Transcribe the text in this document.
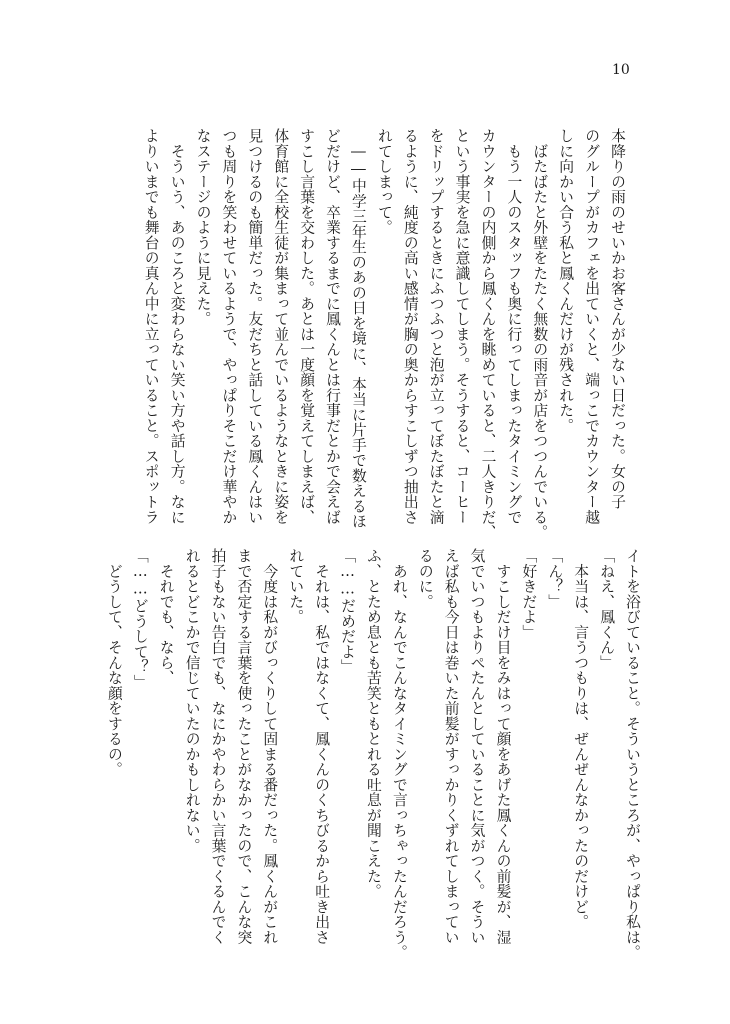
10
本降りの雨のせいかお客さんが少ない日だった。女の子
のグループがカフェを出ていくと、端っこでカウンター越
しに向かい合う私と鳳くんだけが残された。
　ばたばたと外壁をたたく無数の雨音が店をつつんでいる。
　もう一人のスタッフも奥に行ってしまったタイミングで
カウンターの内側から鳳くんを眺めていると、二人きりだ、
という事実を急に意識してしまう。そうすると、コーヒー
をドリップするときにふつふつと泡が立ってぼたぼたと滴
るように、純度の高い感情が胸の奥からすこしずつ抽出さ
れてしまって。
　――中学三年生のあの日を境に、本当に片手で数えるほ
どだけど、卒業するまでに鳳くんとは行事だとかで会えば
すこし言葉を交わした。あとは一度顔を覚えてしまえば、
体育館に全校生徒が集まって並んでいるようなときに姿を
見つけるのも簡単だった。友だちと話している鳳くんはい
つも周りを笑わせているようで、やっぱりそこだけ華やか
なステージのように見えた。
　そういう、あのころと変わらない笑い方や話し方。なに
よりいまでも舞台の真ん中に立っていること。スポットラ
イトを浴びていること。そういうところが、やっぱり私は。
「ねえ、鳳くん」
　本当は、言うつもりは、ぜんぜんなかったのだけど。
「ん？」
「好きだよ」
　すこしだけ目をみはって顔をあげた鳳くんの前髪が、湿
気でいつもよりぺたんとしていることに気がつく。そうい
えば私も今日は巻いた前髪がすっかりくずれてしまってい
るのに。
　あれ、なんでこんなタイミングで言っちゃったんだろう。
ふ、とため息とも苦笑ともとれる吐息が聞こえた。
「……だめだよ」
　それは、私ではなくて、鳳くんのくちびるから吐き出さ
れていた。
　今度は私がびっくりして固まる番だった。鳳くんがこれ
まで否定する言葉を使ったことがなかったので、こんな突
拍子もない告白でも、なにかやわらかい言葉でくるんでく
れるとどこかで信じていたのかもしれない。
　それでも、なら、
「……どうして？」
　どうして、そんな顔をするの。
